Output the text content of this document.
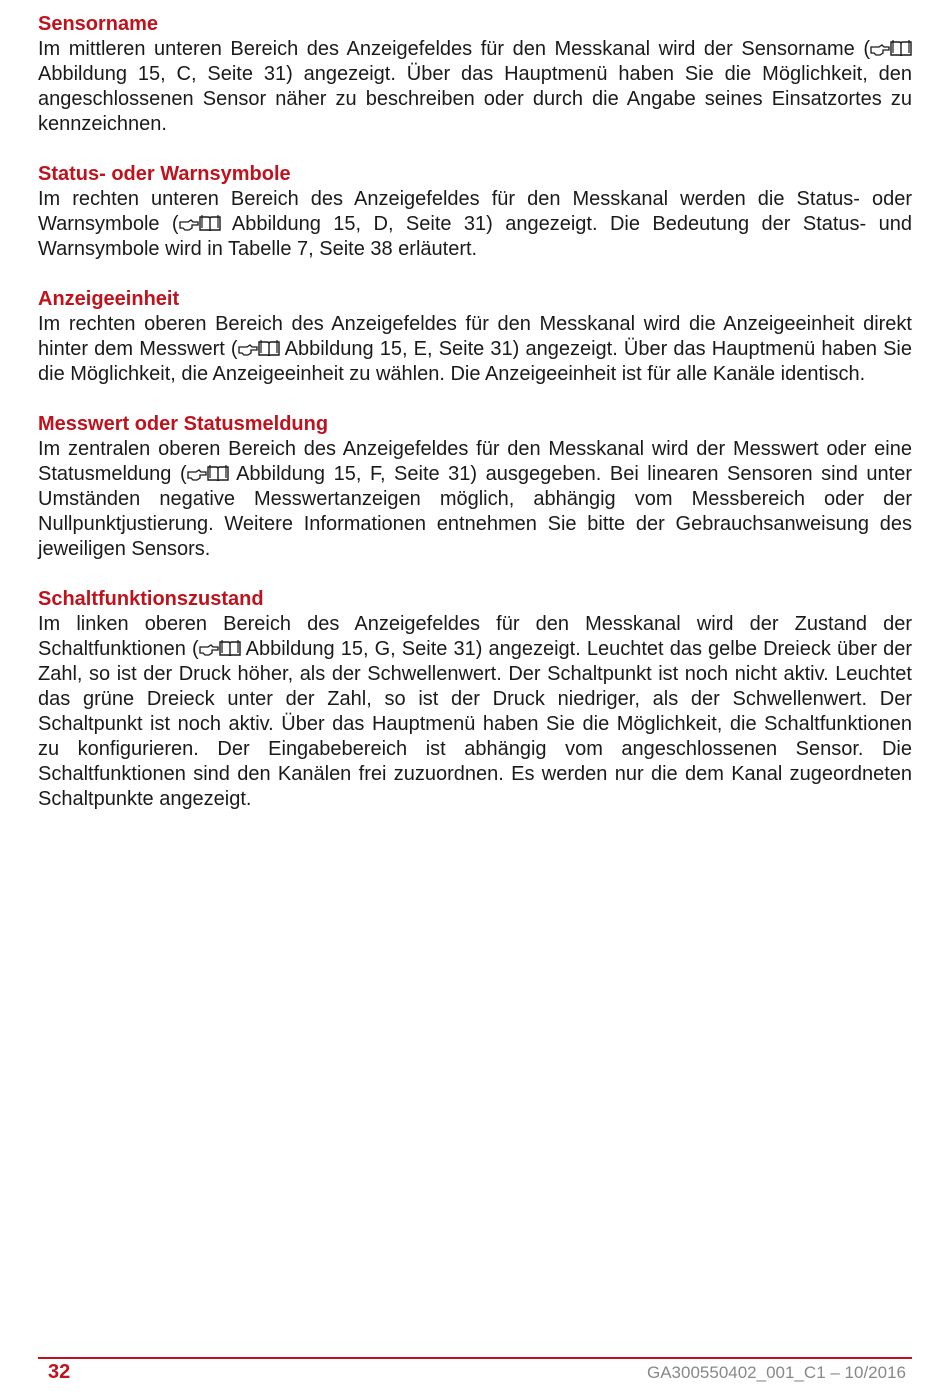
Sensorname

Im mittleren unteren Bereich des Anzeigefeldes für den Messkanal wird der Sensorname ( Abbildung 15, C, Seite 31) angezeigt. Über das Hauptmenü haben Sie die Möglichkeit, den angeschlossenen Sensor näher zu beschreiben oder durch die Angabe seines Einsatzortes zu kennzeichnen.

Status- oder Warnsymbole

Im rechten unteren Bereich des Anzeigefeldes für den Messkanal werden die Status- oder Warnsymbole ( Abbildung 15, D, Seite 31) angezeigt. Die Bedeutung der Status- und Warnsymbole wird in Tabelle 7, Seite 38 erläutert.

Anzeigeeinheit

Im rechten oberen Bereich des Anzeigefeldes für den Messkanal wird die Anzeigeeinheit direkt hinter dem Messwert ( Abbildung 15, E, Seite 31) angezeigt. Über das Hauptmenü haben Sie die Möglichkeit, die Anzeigeeinheit zu wählen. Die Anzeigeeinheit ist für alle Kanäle identisch.

Messwert oder Statusmeldung

Im zentralen oberen Bereich des Anzeigefeldes für den Messkanal wird der Messwert oder eine Statusmeldung ( Abbildung 15, F, Seite 31) ausgegeben. Bei linearen Sensoren sind unter Umständen negative Messwertanzeigen möglich, abhängig vom Messbereich oder der Nullpunktjustierung. Weitere Informationen entnehmen Sie bitte der Gebrauchsanweisung des jeweiligen Sensors.

Schaltfunktionszustand

Im linken oberen Bereich des Anzeigefeldes für den Messkanal wird der Zustand der Schaltfunktionen ( Abbildung 15, G, Seite 31) angezeigt. Leuchtet das gelbe Dreieck über der Zahl, so ist der Druck höher, als der Schwellenwert. Der Schaltpunkt ist noch nicht aktiv. Leuchtet das grüne Dreieck unter der Zahl, so ist der Druck niedriger, als der Schwellenwert. Der Schaltpunkt ist noch aktiv. Über das Hauptmenü haben Sie die Möglichkeit, die Schaltfunktionen zu konfigurieren. Der Eingabebereich ist abhängig vom angeschlossenen Sensor. Die Schaltfunktionen sind den Kanälen frei zuzuordnen. Es werden nur die dem Kanal zugeordneten Schaltpunkte angezeigt.

32	GA300550402_001_C1 – 10/2016
